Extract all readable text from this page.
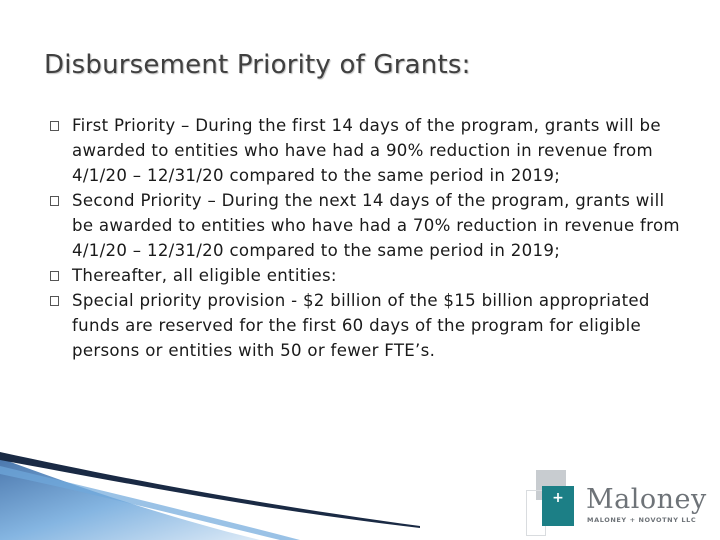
Disbursement Priority of Grants:
First Priority – During the first 14 days of the program, grants will be awarded to entities who have had a 90% reduction in revenue from 4/1/20 – 12/31/20 compared to the same period in 2019;
Second Priority – During the next 14 days of the program, grants will be awarded to entities who have had a 70% reduction in revenue from 4/1/20 – 12/31/20 compared to the same period in 2019;
Thereafter, all eligible entities:
Special priority provision - $2 billion of the $15 billion appropriated funds are reserved for the first 60 days of the program for eligible persons or entities with 50 or fewer FTE’s.
+ Maloney
MALONEY + NOVOTNY LLC
